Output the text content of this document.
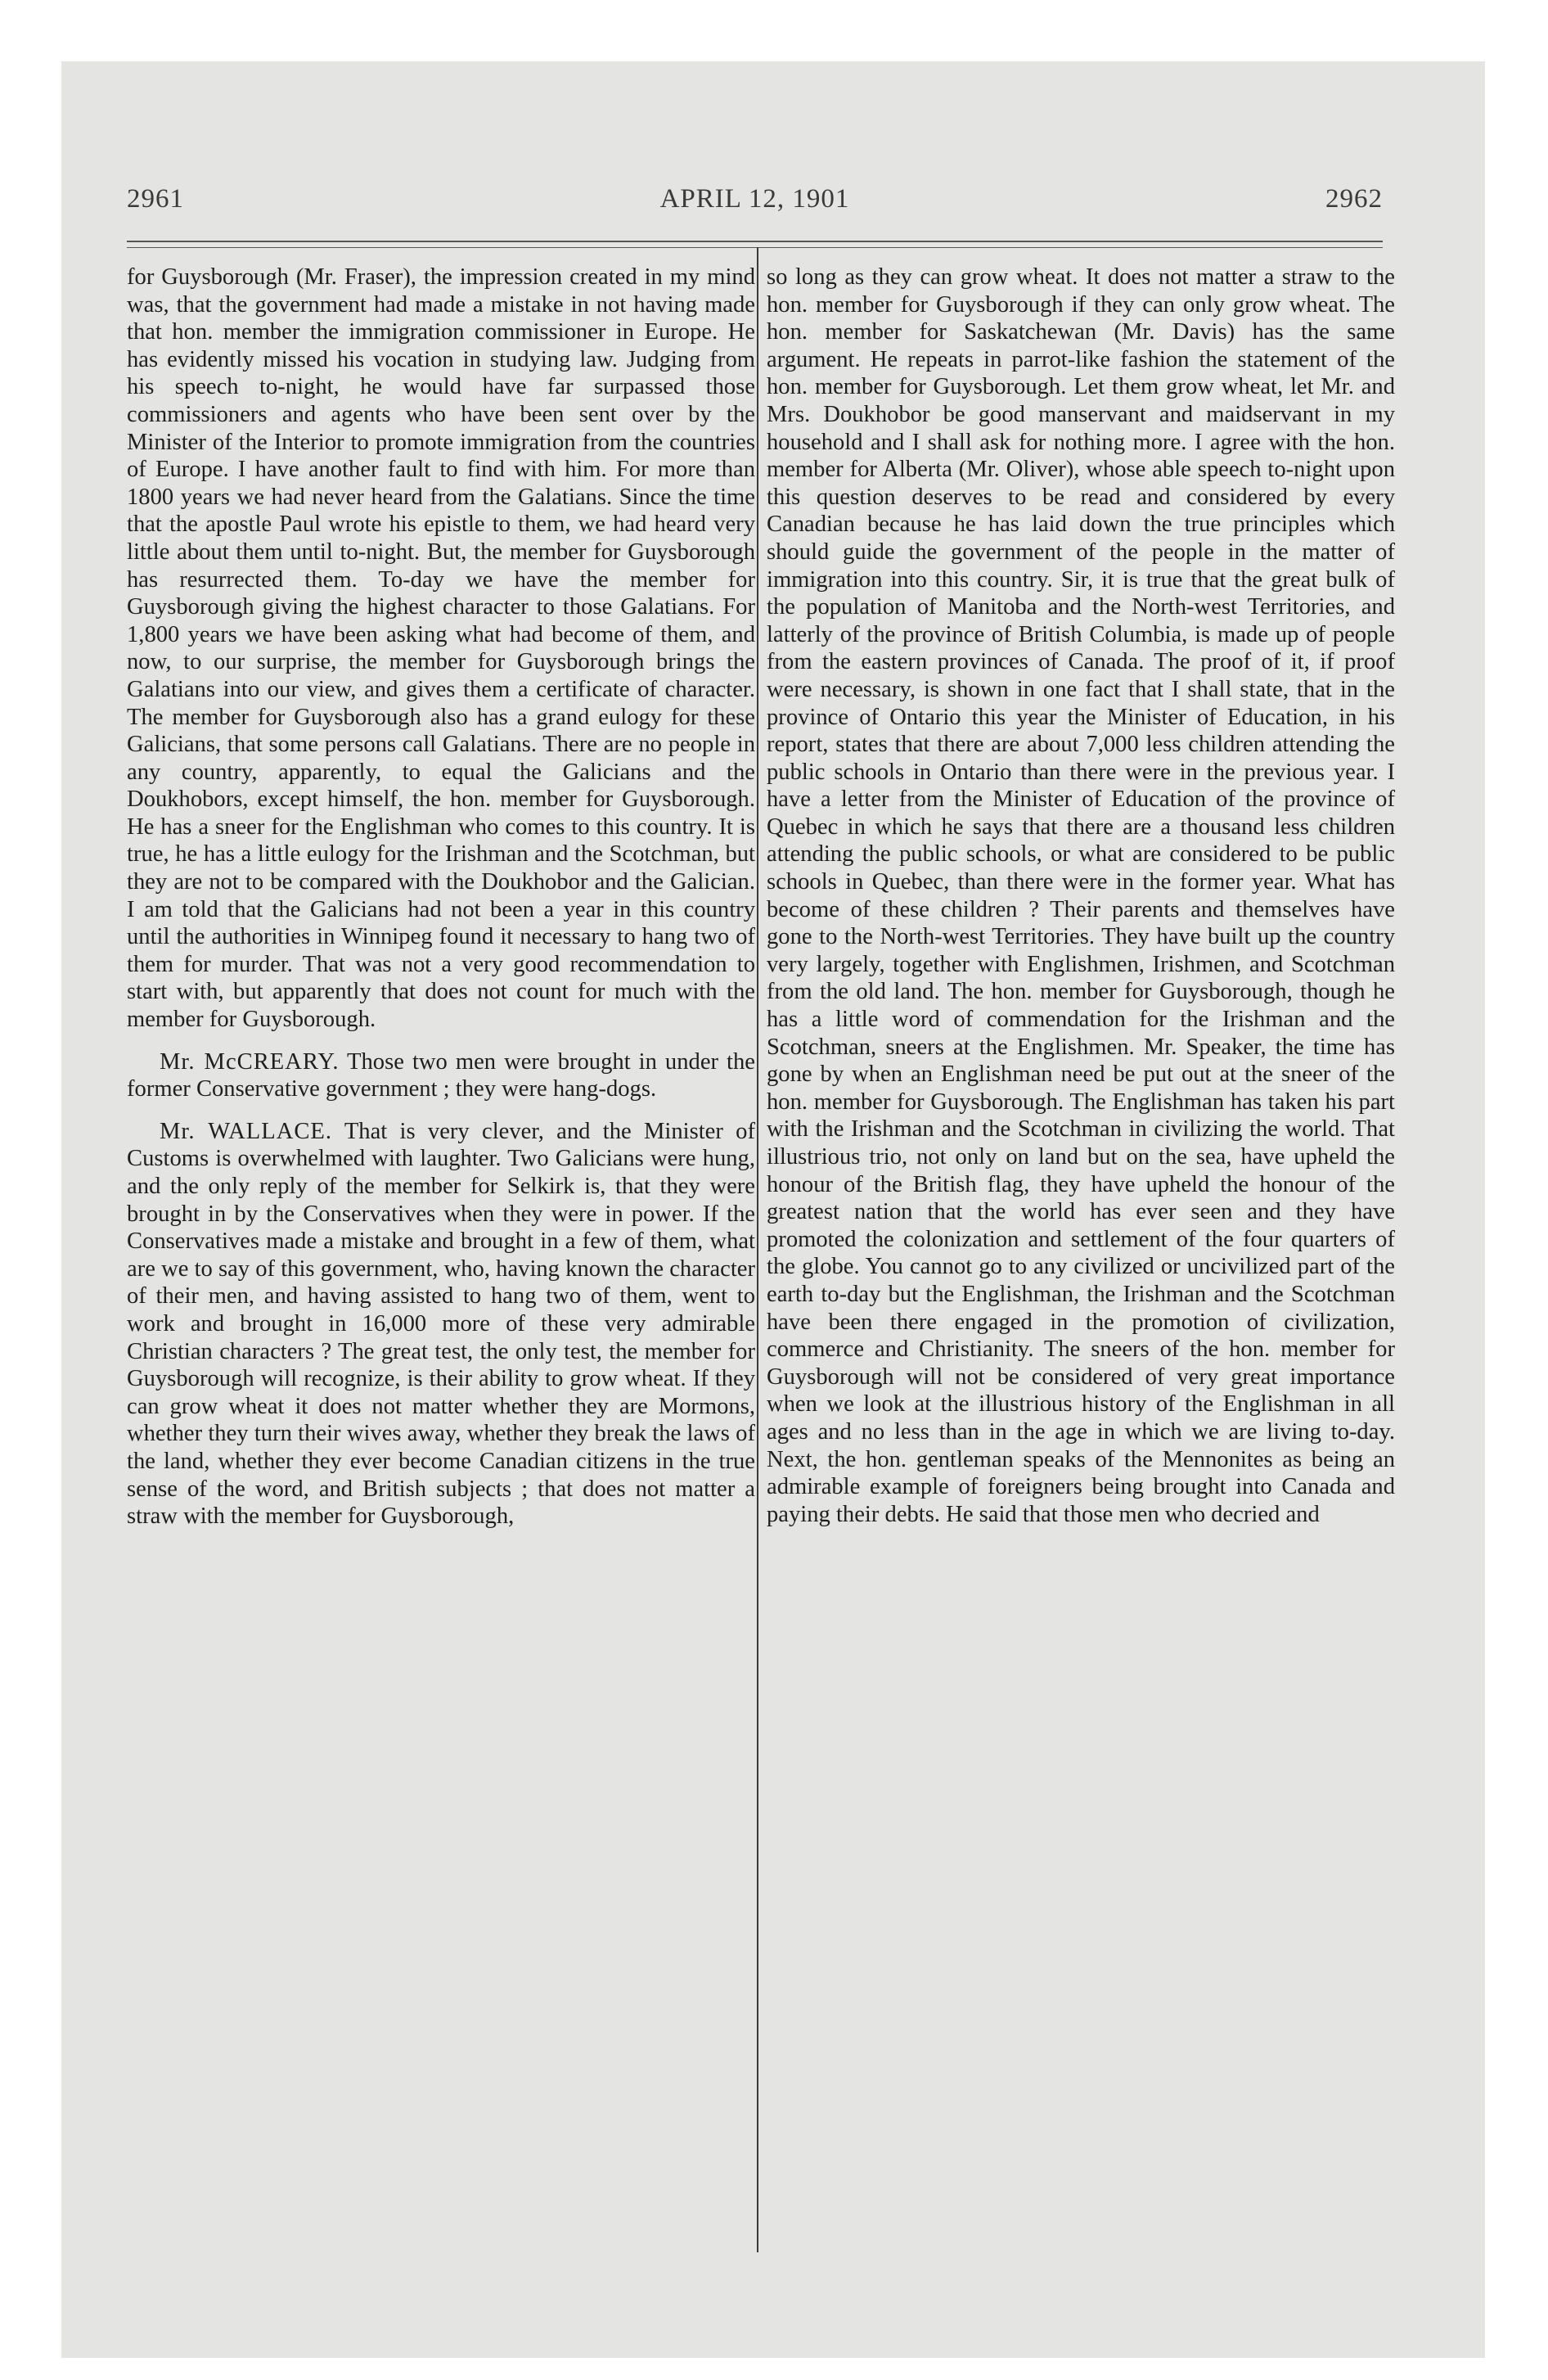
2961	APRIL 12, 1901	2962

for Guysborough (Mr. Fraser), the impression created in my mind was, that the government had made a mistake in not having made that hon. member the immigration commissioner in Europe. He has evidently missed his vocation in studying law. Judging from his speech to-night, he would have far surpassed those commissioners and agents who have been sent over by the Minister of the Interior to promote immigration from the countries of Europe. I have another fault to find with him. For more than 1800 years we had never heard from the Galatians. Since the time that the apostle Paul wrote his epistle to them, we had heard very little about them until to-night. But, the member for Guysborough has resurrected them. To-day we have the member for Guysborough giving the highest character to those Galatians. For 1,800 years we have been asking what had become of them, and now, to our surprise, the member for Guysborough brings the Galatians into our view, and gives them a certificate of character. The member for Guysborough also has a grand eulogy for these Galicians, that some persons call Galatians. There are no people in any country, apparently, to equal the Galicians and the Doukhobors, except himself, the hon. member for Guysborough. He has a sneer for the Englishman who comes to this country. It is true, he has a little eulogy for the Irishman and the Scotchman, but they are not to be compared with the Doukhobor and the Galician. I am told that the Galicians had not been a year in this country until the authorities in Winnipeg found it necessary to hang two of them for murder. That was not a very good recommendation to start with, but apparently that does not count for much with the member for Guysborough.

Mr. McCREARY. Those two men were brought in under the former Conservative government ; they were hang-dogs.

Mr. WALLACE. That is very clever, and the Minister of Customs is overwhelmed with laughter. Two Galicians were hung, and the only reply of the member for Selkirk is, that they were brought in by the Conservatives when they were in power. If the Conservatives made a mistake and brought in a few of them, what are we to say of this government, who, having known the character of their men, and having assisted to hang two of them, went to work and brought in 16,000 more of these very admirable Christian characters ? The great test, the only test, the member for Guysborough will recognize, is their ability to grow wheat. If they can grow wheat it does not matter whether they are Mormons, whether they turn their wives away, whether they break the laws of the land, whether they ever become Canadian citizens in the true sense of the word, and British subjects ; that does not matter a straw with the member for Guysborough,

so long as they can grow wheat. It does not matter a straw to the hon. member for Guysborough if they can only grow wheat. The hon. member for Saskatchewan (Mr. Davis) has the same argument. He repeats in parrot-like fashion the statement of the hon. member for Guysborough. Let them grow wheat, let Mr. and Mrs. Doukhobor be good manservant and maidservant in my household and I shall ask for nothing more. I agree with the hon. member for Alberta (Mr. Oliver), whose able speech to-night upon this question deserves to be read and considered by every Canadian because he has laid down the true principles which should guide the government of the people in the matter of immigration into this country. Sir, it is true that the great bulk of the population of Manitoba and the North-west Territories, and latterly of the province of British Columbia, is made up of people from the eastern provinces of Canada. The proof of it, if proof were necessary, is shown in one fact that I shall state, that in the province of Ontario this year the Minister of Education, in his report, states that there are about 7,000 less children attending the public schools in Ontario than there were in the previous year. I have a letter from the Minister of Education of the province of Quebec in which he says that there are a thousand less children attending the public schools, or what are considered to be public schools in Quebec, than there were in the former year. What has become of these children ? Their parents and themselves have gone to the North-west Territories. They have built up the country very largely, together with Englishmen, Irishmen, and Scotchman from the old land. The hon. member for Guysborough, though he has a little word of commendation for the Irishman and the Scotchman, sneers at the Englishmen. Mr. Speaker, the time has gone by when an Englishman need be put out at the sneer of the hon. member for Guysborough. The Englishman has taken his part with the Irishman and the Scotchman in civilizing the world. That illustrious trio, not only on land but on the sea, have upheld the honour of the British flag, they have upheld the honour of the greatest nation that the world has ever seen and they have promoted the colonization and settlement of the four quarters of the globe. You cannot go to any civilized or uncivilized part of the earth to-day but the Englishman, the Irishman and the Scotchman have been there engaged in the promotion of civilization, commerce and Christianity. The sneers of the hon. member for Guysborough will not be considered of very great importance when we look at the illustrious history of the Englishman in all ages and no less than in the age in which we are living to-day. Next, the hon. gentleman speaks of the Mennonites as being an admirable example of foreigners being brought into Canada and paying their debts. He said that those men who decried and
